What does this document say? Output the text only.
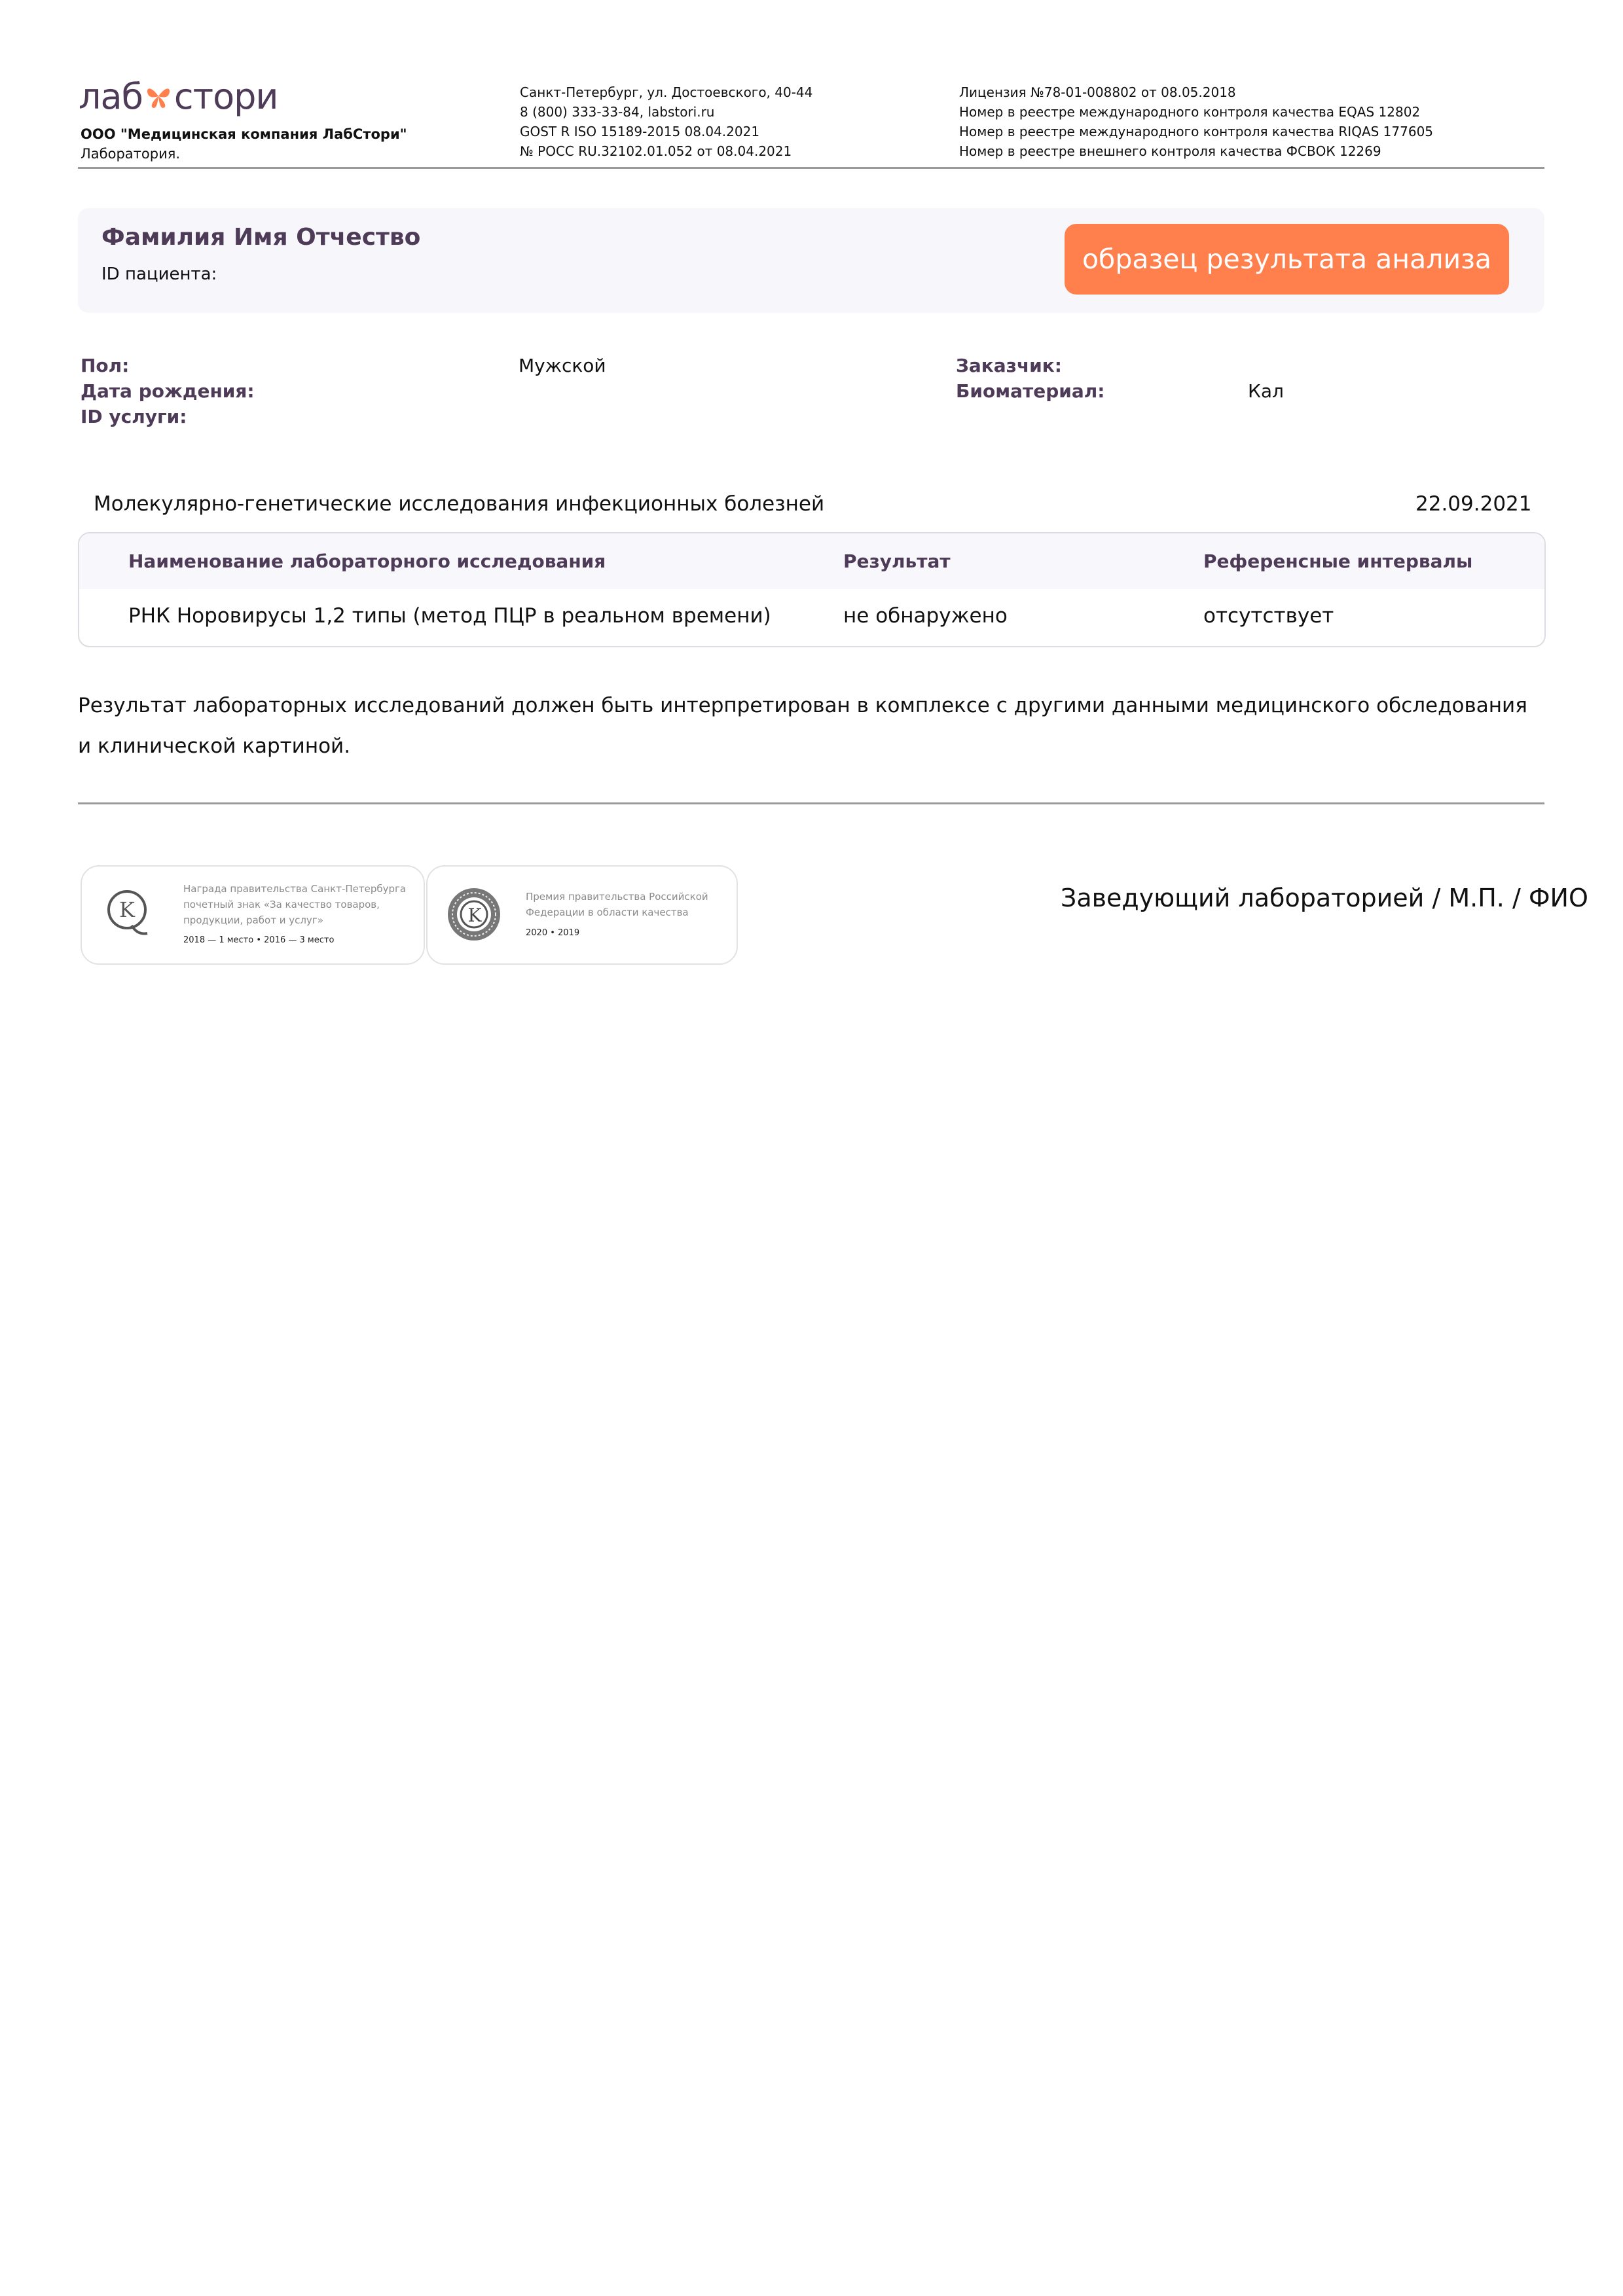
лаб стори
ООО "Медицинская компания ЛабСтори"
Лаборатория.
Санкт-Петербург, ул. Достоевского, 40-44
8 (800) 333-33-84, labstori.ru
GOST R ISO 15189-2015 08.04.2021
№ РОСС RU.32102.01.052 от 08.04.2021
Лицензия №78-01-008802 от 08.05.2018
Номер в реестре международного контроля качества EQAS 12802
Номер в реестре международного контроля качества RIQAS 177605
Номер в реестре внешнего контроля качества ФСВОК 12269
Фамилия Имя Отчество
ID пациента:	образец результата анализа
Пол:	Мужской
Дата рождения:
ID услуги:
Заказчик:
Биоматериал:	Кал
Молекулярно-генетические исследования инфекционных болезней	22.09.2021
Наименование лабораторного исследования	Результат	Референсные интервалы
РНК Норовирусы 1,2 типы (метод ПЦР в реальном времени)	не обнаружено	отсутствует
Результат лабораторных исследований должен быть интерпретирован в комплексе с другими данными медицинского обследования и клинической картиной.
K
Награда правительства Санкт-Петербурга
почетный знак «За качество товаров,
продукции, работ и услуг»
2018 — 1 место • 2016 — 3 место
K
Премия правительства Российской
Федерации в области качества
2020 • 2019
Заведующий лабораторией / М.П. / ФИО
